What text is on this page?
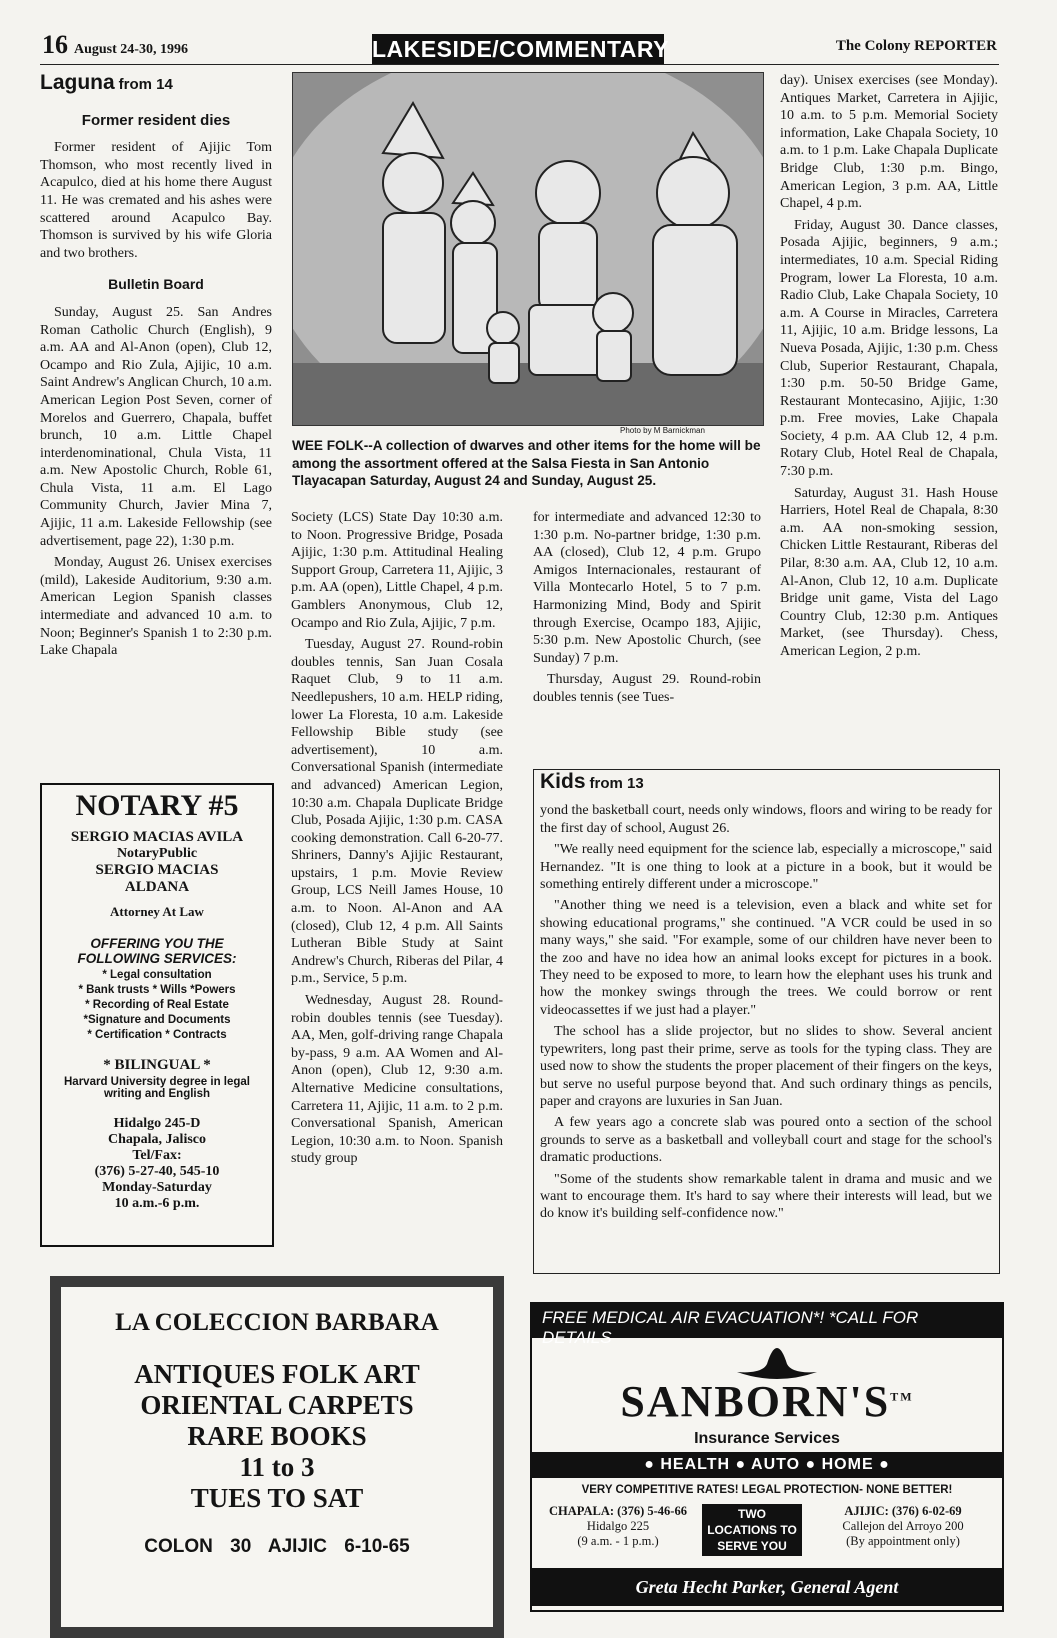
16 August 24-30, 1996	LAKESIDE/COMMENTARY	The Colony REPORTER
Laguna from 14
Former resident dies

Former resident of Ajijic Tom Thomson, who most recently lived in Acapulco, died at his home there August 11. He was cremated and his ashes were scattered around Acapulco Bay. Thomson is survived by his wife Gloria and two brothers.

Bulletin Board

Sunday, August 25. San Andres Roman Catholic Church (English), 9 a.m. AA and Al-Anon (open), Club 12, Ocampo and Rio Zula, Ajijic, 10 a.m. Saint Andrew's Anglican Church, 10 a.m. American Legion Post Seven, corner of Morelos and Guerrero, Chapala, buffet brunch, 10 a.m. Little Chapel interdenominational, Chula Vista, 11 a.m. New Apostolic Church, Roble 61, Chula Vista, 11 a.m. El Lago Community Church, Javier Mina 7, Ajijic, 11 a.m. Lakeside Fellowship (see advertisement, page 22), 1:30 p.m.

Monday, August 26. Unisex exercises (mild), Lakeside Auditorium, 9:30 a.m. American Legion Spanish classes intermediate and advanced 10 a.m. to Noon; Beginner's Spanish 1 to 2:30 p.m. Lake Chapala

NOTARY #5
SERGIO MACIAS AVILA
NotaryPublic
SERGIO MACIAS ALDANA
Attorney At Law
OFFERING YOU THE FOLLOWING SERVICES:
* Legal consultation
* Bank trusts * Wills *Powers
* Recording of Real Estate
*Signature and Documents
* Certification * Contracts
* BILINGUAL *
Harvard University degree in legal writing and English
Hidalgo 245-D
Chapala, Jalisco
Tel/Fax:
(376) 5-27-40, 545-10
Monday-Saturday
10 a.m.-6 p.m.
Photo by M Barnickman
WEE FOLK--A collection of dwarves and other items for the home will be among the assortment offered at the Salsa Fiesta in San Antonio Tlayacapan Saturday, August 24 and Sunday, August 25.

Society (LCS) State Day 10:30 a.m. to Noon. Progressive Bridge, Posada Ajijic, 1:30 p.m. Attitudinal Healing Support Group, Carretera 11, Ajijic, 3 p.m. AA (open), Little Chapel, 4 p.m. Gamblers Anonymous, Club 12, Ocampo and Rio Zula, Ajijic, 7 p.m.

Tuesday, August 27. Round-robin doubles tennis, San Juan Cosala Raquet Club, 9 to 11 a.m. Needlepushers, 10 a.m. HELP riding, lower La Floresta, 10 a.m. Lakeside Fellowship Bible study (see advertisement), 10 a.m. Conversational Spanish (intermediate and advanced) American Legion, 10:30 a.m. Chapala Duplicate Bridge Club, Posada Ajijic, 1:30 p.m. CASA cooking demonstration. Call 6-20-77. Shriners, Danny's Ajijic Restaurant, upstairs, 1 p.m. Movie Review Group, LCS Neill James House, 10 a.m. to Noon. Al-Anon and AA (closed), Club 12, 4 p.m. All Saints Lutheran Bible Study at Saint Andrew's Church, Riberas del Pilar, 4 p.m., Service, 5 p.m.

Wednesday, August 28. Round-robin doubles tennis (see Tuesday). AA, Men, golf-driving range Chapala by-pass, 9 a.m. AA Women and Al-Anon (open), Club 12, 9:30 a.m. Alternative Medicine consultations, Carretera 11, Ajijic, 11 a.m. to 2 p.m. Conversational Spanish, American Legion, 10:30 a.m. to Noon. Spanish study group

for intermediate and advanced 12:30 to 1:30 p.m. No-partner bridge, 1:30 p.m. AA (closed), Club 12, 4 p.m. Grupo Amigos Internacionales, restaurant of Villa Montecarlo Hotel, 5 to 7 p.m. Harmonizing Mind, Body and Spirit through Exercise, Ocampo 183, Ajijic, 5:30 p.m. New Apostolic Church, (see Sunday) 7 p.m.

Thursday, August 29. Round-robin doubles tennis (see Tues-

day). Unisex exercises (see Monday). Antiques Market, Carretera in Ajijic, 10 a.m. to 5 p.m. Memorial Society information, Lake Chapala Society, 10 a.m. to 1 p.m. Lake Chapala Duplicate Bridge Club, 1:30 p.m. Bingo, American Legion, 3 p.m. AA, Little Chapel, 4 p.m.

Friday, August 30. Dance classes, Posada Ajijic, beginners, 9 a.m.; intermediates, 10 a.m. Special Riding Program, lower La Floresta, 10 a.m. Radio Club, Lake Chapala Society, 10 a.m. A Course in Miracles, Carretera 11, Ajijic, 10 a.m. Bridge lessons, La Nueva Posada, Ajijic, 1:30 p.m. Chess Club, Superior Restaurant, Chapala, 1:30 p.m. 50-50 Bridge Game, Restaurant Montecasino, Ajijic, 1:30 p.m. Free movies, Lake Chapala Society, 4 p.m. AA Club 12, 4 p.m. Rotary Club, Hotel Real de Chapala, 7:30 p.m.

Saturday, August 31. Hash House Harriers, Hotel Real de Chapala, 8:30 a.m. AA non-smoking session, Chicken Little Restaurant, Riberas del Pilar, 8:30 a.m. AA, Club 12, 10 a.m. Al-Anon, Club 12, 10 a.m. Duplicate Bridge unit game, Vista del Lago Country Club, 12:30 p.m. Antiques Market, (see Thursday). Chess, American Legion, 2 p.m.

Kids from 13

yond the basketball court, needs only windows, floors and wiring to be ready for the first day of school, August 26.

"We really need equipment for the science lab, especially a microscope," said Hernandez. "It is one thing to look at a picture in a book, but it would be something entirely different under a microscope."

"Another thing we need is a television, even a black and white set for showing educational programs," she continued. "A VCR could be used in so many ways," she said. "For example, some of our children have never been to the zoo and have no idea how an animal looks except for pictures in a book. They need to be exposed to more, to learn how the elephant uses his trunk and how the monkey swings through the trees. We could borrow or rent videocassettes if we just had a player."

The school has a slide projector, but no slides to show. Several ancient typewriters, long past their prime, serve as tools for the typing class. They are used now to show the students the proper placement of their fingers on the keys, but serve no useful purpose beyond that. And such ordinary things as pencils, paper and crayons are luxuries in San Juan.

A few years ago a concrete slab was poured onto a section of the school grounds to serve as a basketball and volleyball court and stage for the school's dramatic productions.

"Some of the students show remarkable talent in drama and music and we want to encourage them. It's hard to say where their interests will lead, but we do know it's building self-confidence now."

LA COLECCION BARBARA
ANTIQUES FOLK ART
ORIENTAL CARPETS
RARE BOOKS
11 to 3
TUES TO SAT
COLON 30 AJIJIC 6-10-65
FREE MEDICAL AIR EVACUATION*! *CALL FOR DETAILS
SANBORN'S™
Insurance Services
● HEALTH ● AUTO ● HOME ●
VERY COMPETITIVE RATES! LEGAL PROTECTION- NONE BETTER!
CHAPALA: (376) 5-46-66
Hidalgo 225
(9 a.m. - 1 p.m.)
TWO LOCATIONS TO SERVE YOU
AJIJIC: (376) 6-02-69
Callejon del Arroyo 200
(By appointment only)
Greta Hecht Parker, General Agent
